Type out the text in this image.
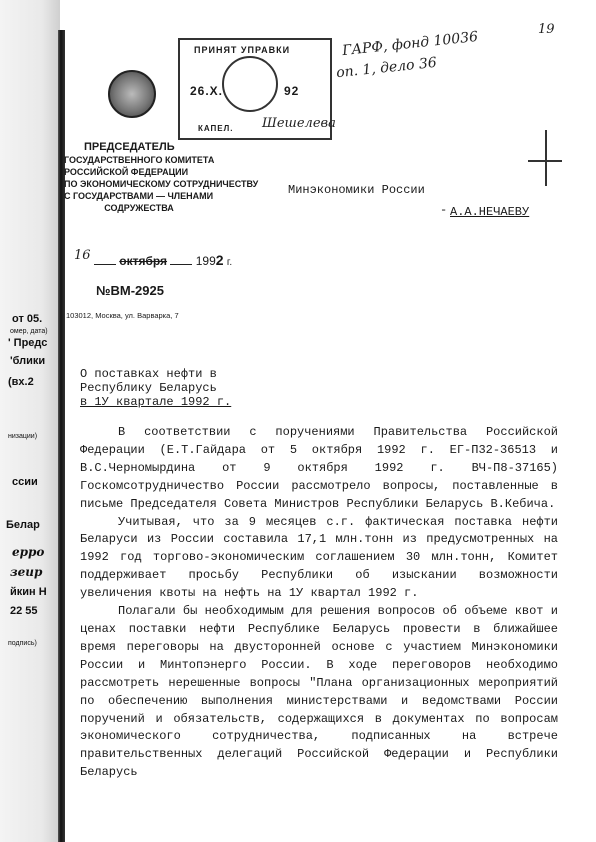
от 05.
омер, дата)
' Предс
'блики
(вх.2
низации)
ссии
Белар
ерро
зеир
йкин Н
22 55
подпись)
ПРИНЯТ УПРАВКИ
26.X.	92
КАПЕЛ. Шешелева
ГАРФ, фонд 10036
оп. 1, дело 36
19
ПРЕДСЕДАТЕЛЬ
ГОСУДАРСТВЕННОГО КОМИТЕТА
РОССИЙСКОЙ ФЕДЕРАЦИИ
ПО ЭКОНОМИЧЕСКОМУ СОТРУДНИЧЕСТВУ
С ГОСУДАРСТВАМИ — ЧЛЕНАМИ
СОДРУЖЕСТВА
Минэкономики России
- А.А.НЕЧАЕВУ
16 октября 1992 г.
№ВМ-2925
103012, Москва, ул. Варварка, 7
О поставках нефти в
Республику Беларусь
в 1У квартале 1992 г.

В соответствии с поручениями Правительства Российской Федерации (Е.Т.Гайдара от 5 октября 1992 г. ЕГ-П32-36513 и В.С.Черномырдина от 9 октября 1992 г. ВЧ-П8-37165) Госкомсотрудничество России рассмотрело вопросы, поставленные в письме Председателя Совета Министров Республики Беларусь В.Кебича.

Учитывая, что за 9 месяцев с.г. фактическая поставка нефти Беларуси из России составила 17,1 млн.тонн из предусмотренных на 1992 год торгово-экономическим соглашением 30 млн.тонн, Комитет поддерживает просьбу Республики об изыскании возможности увеличения квоты на нефть на 1У квартал 1992 г.

Полагали бы необходимым для решения вопросов об объеме квот и ценах поставки нефти Республике Беларусь провести в ближайшее время переговоры на двусторонней основе с участием Минэкономики России и Минтопэнерго России. В ходе переговоров необходимо рассмотреть нерешенные вопросы "Плана организационных мероприятий по обеспечению выполнения министерствами и ведомствами России поручений и обязательств, содержащихся в документах по вопросам экономического сотрудничества, подписанных на встрече правительственных делегаций Российской Федерации и Республики Беларусь
